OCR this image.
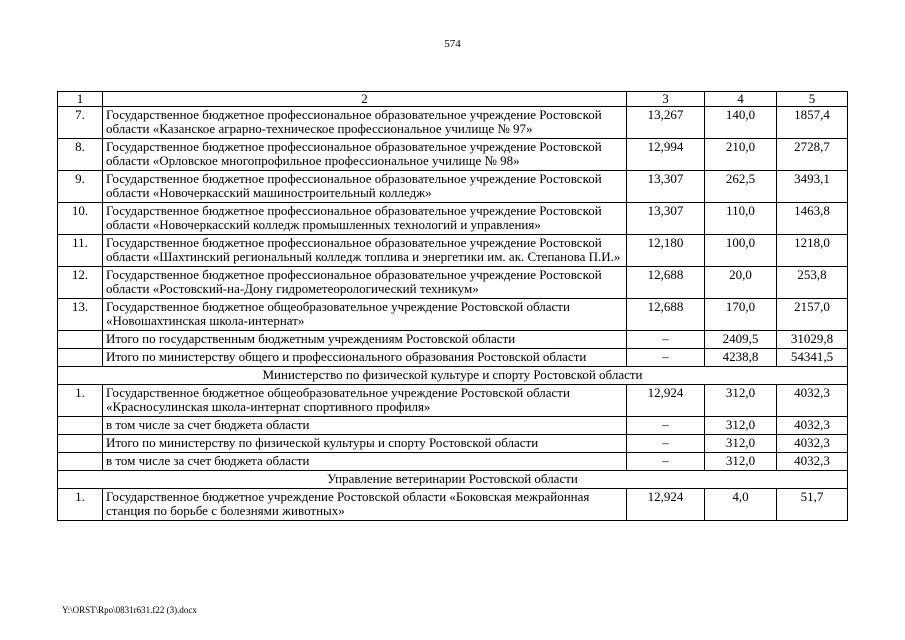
574
1	2	3	4	5
7.	Государственное бюджетное профессиональное образовательное учреждение Ростовской области «Казанское аграрно-техническое профессиональное училище № 97»	13,267	140,0	1857,4
8.	Государственное бюджетное профессиональное образовательное учреждение Ростовской области «Орловское многопрофильное профессиональное училище № 98»	12,994	210,0	2728,7
9.	Государственное бюджетное профессиональное образовательное учреждение Ростовской области «Новочеркасский машиностроительный колледж»	13,307	262,5	3493,1
10.	Государственное бюджетное профессиональное образовательное учреждение Ростовской области «Новочеркасский колледж промышленных технологий и управления»	13,307	110,0	1463,8
11.	Государственное бюджетное профессиональное образовательное учреждение Ростовской области «Шахтинский региональный колледж топлива и энергетики им. ак. Степанова П.И.»	12,180	100,0	1218,0
12.	Государственное бюджетное профессиональное образовательное учреждение Ростовской области «Ростовский-на-Дону гидрометеорологический техникум»	12,688	20,0	253,8
13.	Государственное бюджетное общеобразовательное учреждение Ростовской области «Новошахтинская школа-интернат»	12,688	170,0	2157,0
	Итого по государственным бюджетным учреждениям Ростовской области	–	2409,5	31029,8
	Итого по министерству общего и профессионального образования Ростовской области	–	4238,8	54341,5
Министерство по физической культуре и спорту Ростовской области				
1.	Государственное бюджетное общеобразовательное учреждение Ростовской области «Красносулинская школа-интернат спортивного профиля»	12,924	312,0	4032,3
	в том числе за счет бюджета области	–	312,0	4032,3
	Итого по министерству по физической культуры и спорту Ростовской области	–	312,0	4032,3
	в том числе за счет бюджета области	–	312,0	4032,3
Управление ветеринарии Ростовской области				
1.	Государственное бюджетное учреждение Ростовской области «Боковская межрайонная станция по борьбе с болезнями животных»	12,924	4,0	51,7
Y:\ORST\Rpo\0831r631.f22 (3).docx
